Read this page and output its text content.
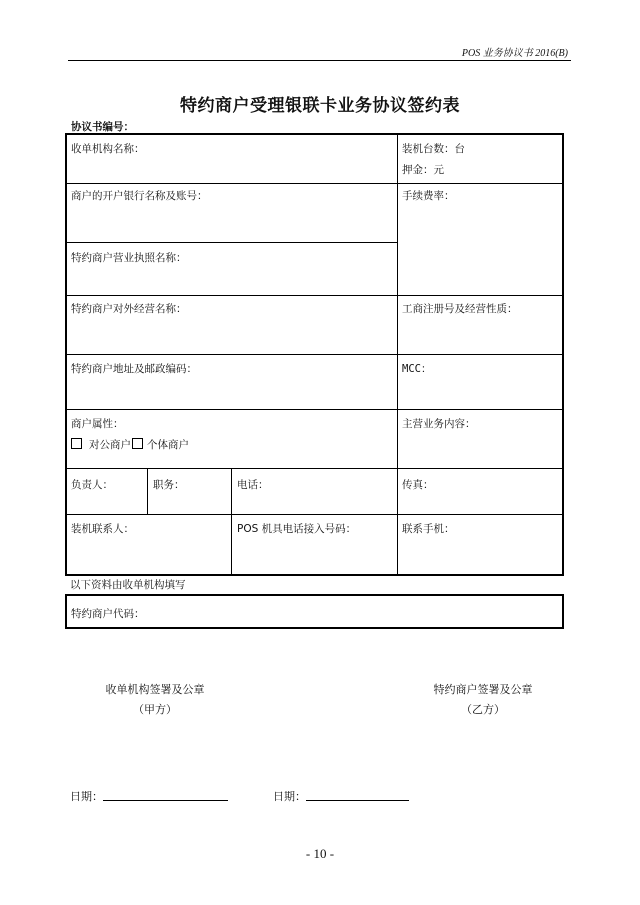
POS 业务协议书 2016(B)
特约商户受理银联卡业务协议签约表
协议书编号：
收单机构名称：	装机台数：台
押金：元
商户的开户银行名称及账号：	手续费率：
特约商户营业执照名称：
特约商户对外经营名称：	工商注册号及经营性质：
特约商户地址及邮政编码：	MCC：
商户属性：
对公商户 个体商户
主营业务内容：
负责人：	职务：	电话：	传真：
装机联系人：	POS 机具电话接入号码：	联系手机：
以下资料由收单机构填写
特约商户代码：
收单机构签署及公章
（甲方）
特约商户签署及公章
（乙方）
日期：	日期：
- 10 -
